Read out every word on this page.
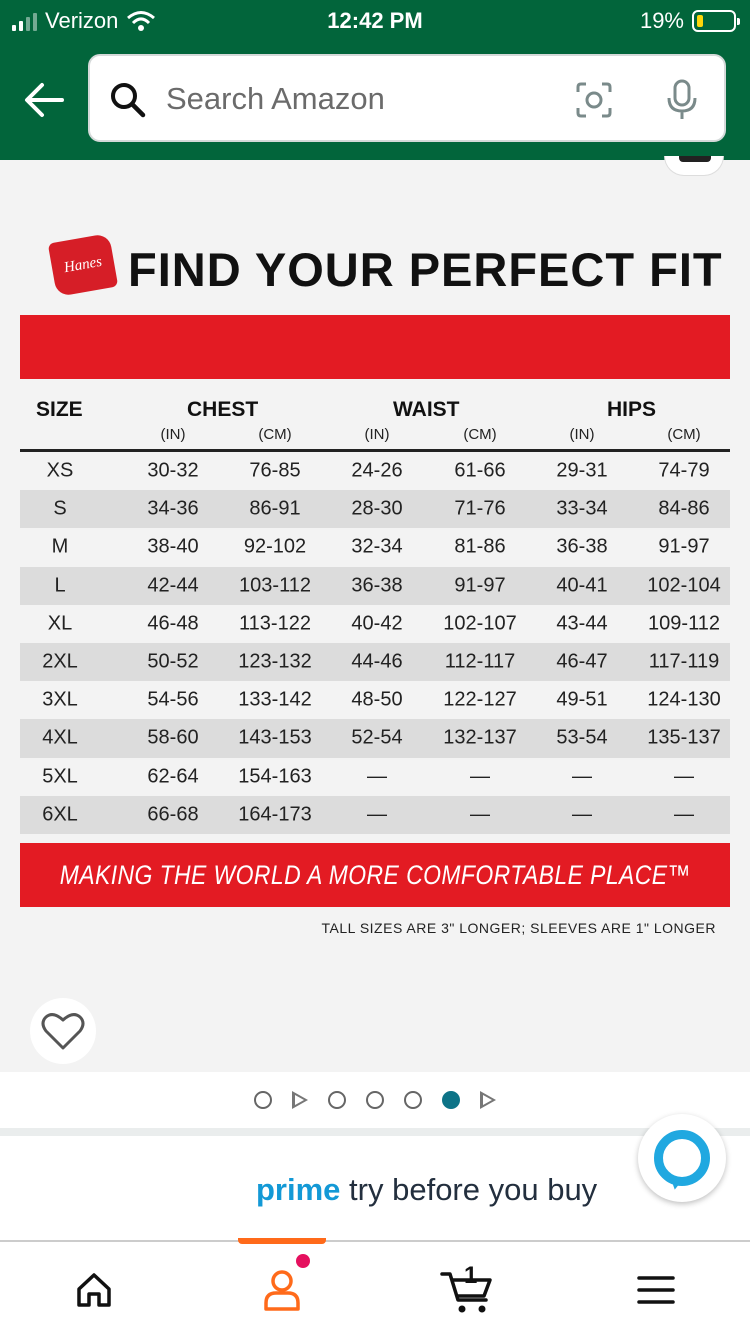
Verizon	12:42 PM	19%
Search Amazon
Hanes FIND YOUR PERFECT FIT
SIZE	CHEST	WAIST	HIPS
(IN)	(CM)	(IN)	(CM)	(IN)	(CM)
XS	30-32	76-85	24-26	61-66	29-31	74-79
S	34-36	86-91	28-30	71-76	33-34	84-86
M	38-40 92-102 32-34	81-86	36-38	91-97
L	42-44 103-112 36-38	91-97	40-41 102-104
XL	46-48 113-122 40-42 102-107 43-44 109-112
2XL	50-52 123-132 44-46 112-117 46-47 117-119
3XL	54-56 133-142 48-50 122-127 49-51 124-130
4XL	58-60 143-153 52-54 132-137 53-54 135-137
5XL	62-64 154-163	—	—	—	—
6XL	66-68 164-173	—	—	—	—
MAKING THE WORLD A MORE COMFORTABLE PLACE™
TALL SIZES ARE 3" LONGER; SLEEVES ARE 1" LONGER
prime try before you buy
1
